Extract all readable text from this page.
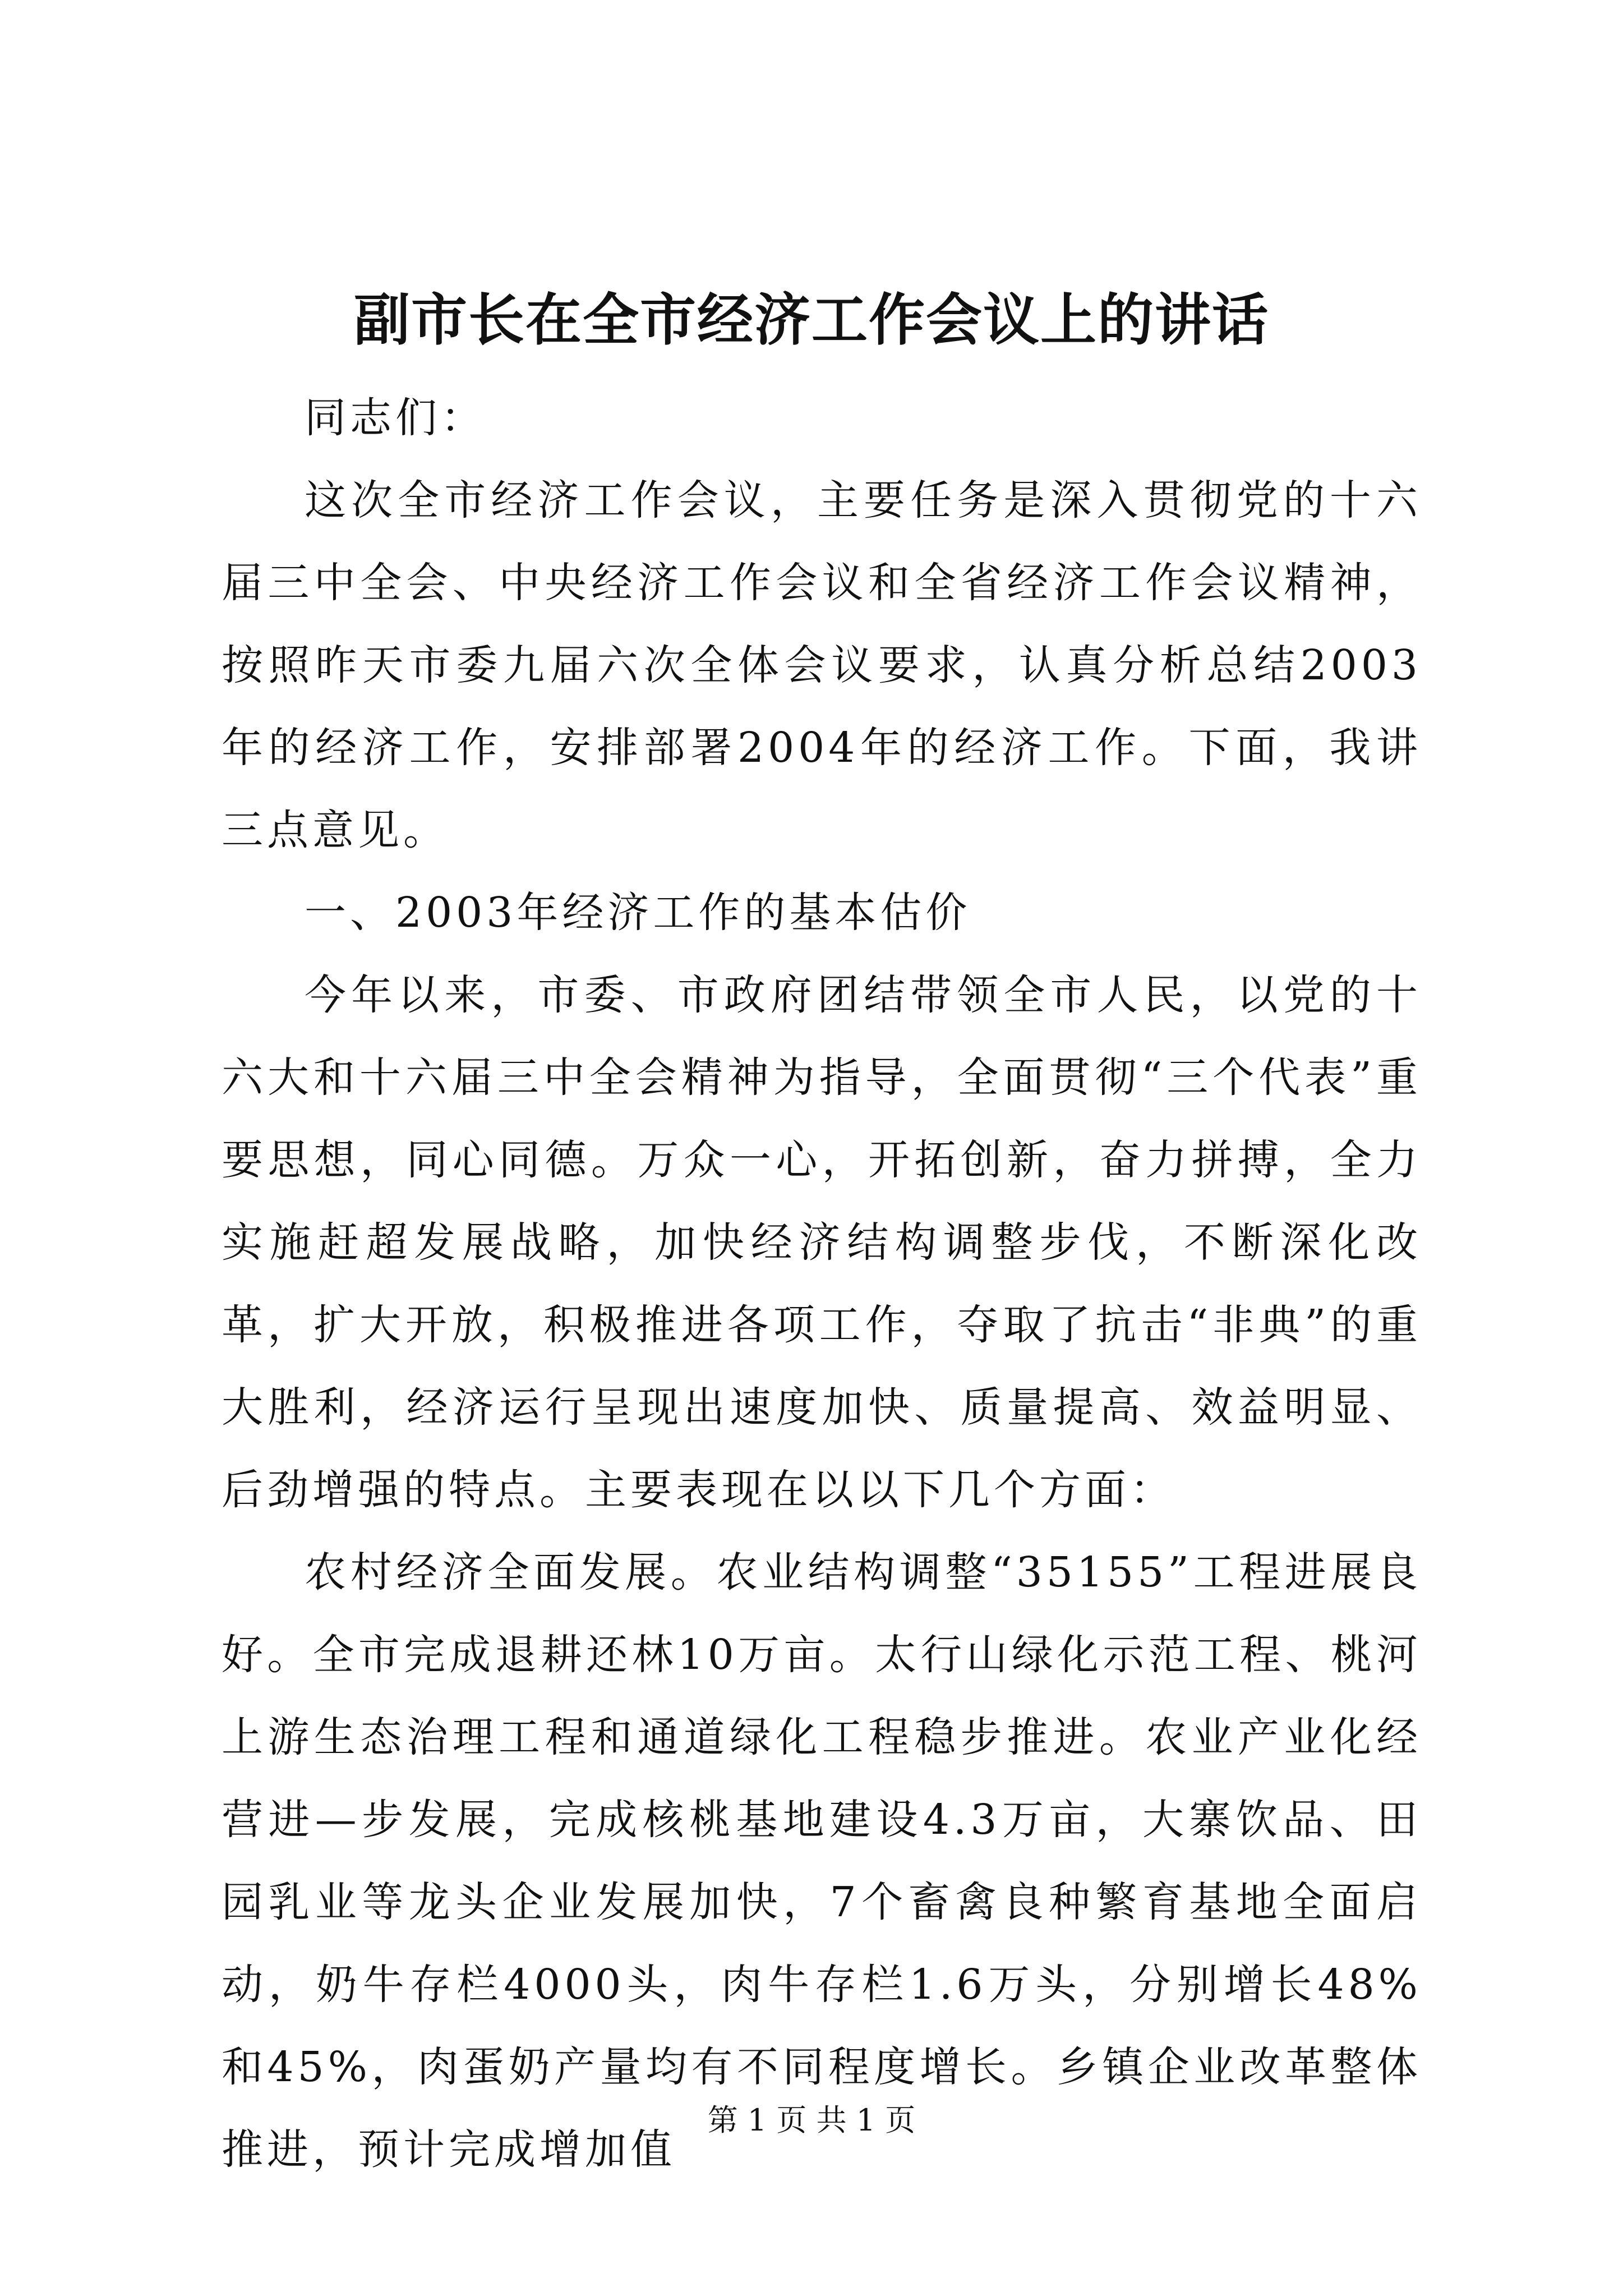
副市长在全市经济工作会议上的讲话

同志们：

这次全市经济工作会议，主要任务是深入贯彻党的十六届三中全会、中央经济工作会议和全省经济工作会议精神，按照昨天市委九届六次全体会议要求，认真分析总结2003年的经济工作，安排部署2004年的经济工作。下面，我讲三点意见。

一、2003年经济工作的基本估价

今年以来，市委、市政府团结带领全市人民，以党的十六大和十六届三中全会精神为指导，全面贯彻“三个代表”重要思想，同心同德。万众一心，开拓创新，奋力拼搏，全力实施赶超发展战略，加快经济结构调整步伐，不断深化改革，扩大开放，积极推进各项工作，夺取了抗击“非典”的重大胜利，经济运行呈现出速度加快、质量提高、效益明显、后劲增强的特点。主要表现在以以下几个方面：

农村经济全面发展。农业结构调整“35155”工程进展良好。全市完成退耕还林10万亩。太行山绿化示范工程、桃河上游生态治理工程和通道绿化工程稳步推进。农业产业化经营进—步发展，完成核桃基地建设4.3万亩，大寨饮品、田园乳业等龙头企业发展加快，7个畜禽良种繁育基地全面启动，奶牛存栏4000头，肉牛存栏1.6万头，分别增长48%和45%，肉蛋奶产量均有不同程度增长。乡镇企业改革整体推进，预计完成增加值

第 1 页 共 1 页
